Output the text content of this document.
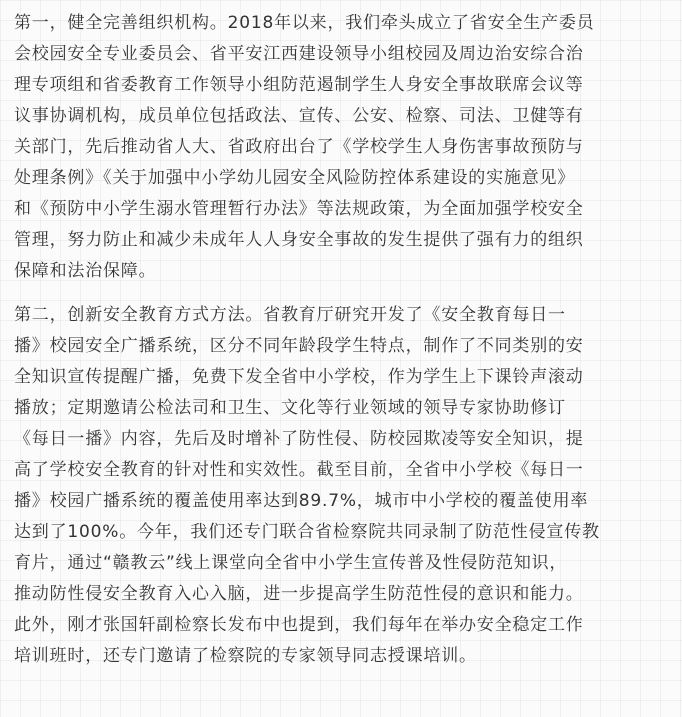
第一，健全完善组织机构。2018年以来，我们牵头成立了省安全生产委员
会校园安全专业委员会、省平安江西建设领导小组校园及周边治安综合治
理专项组和省委教育工作领导小组防范遏制学生人身安全事故联席会议等
议事协调机构，成员单位包括政法、宣传、公安、检察、司法、卫健等有
关部门，先后推动省人大、省政府出台了《学校学生人身伤害事故预防与
处理条例》《关于加强中小学幼儿园安全风险防控体系建设的实施意见》
和《预防中小学生溺水管理暂行办法》等法规政策，为全面加强学校安全
管理，努力防止和减少未成年人人身安全事故的发生提供了强有力的组织
保障和法治保障。

第二，创新安全教育方式方法。省教育厅研究开发了《安全教育每日一
播》校园安全广播系统，区分不同年龄段学生特点，制作了不同类别的安
全知识宣传提醒广播，免费下发全省中小学校，作为学生上下课铃声滚动
播放；定期邀请公检法司和卫生、文化等行业领域的领导专家协助修订
《每日一播》内容，先后及时增补了防性侵、防校园欺凌等安全知识，提
高了学校安全教育的针对性和实效性。截至目前，全省中小学校《每日一
播》校园广播系统的覆盖使用率达到89.7%，城市中小学校的覆盖使用率
达到了100%。今年，我们还专门联合省检察院共同录制了防范性侵宣传教
育片，通过“赣教云”线上课堂向全省中小学生宣传普及性侵防范知识，
推动防性侵安全教育入心入脑，进一步提高学生防范性侵的意识和能力。
此外，刚才张国轩副检察长发布中也提到，我们每年在举办安全稳定工作
培训班时，还专门邀请了检察院的专家领导同志授课培训。
